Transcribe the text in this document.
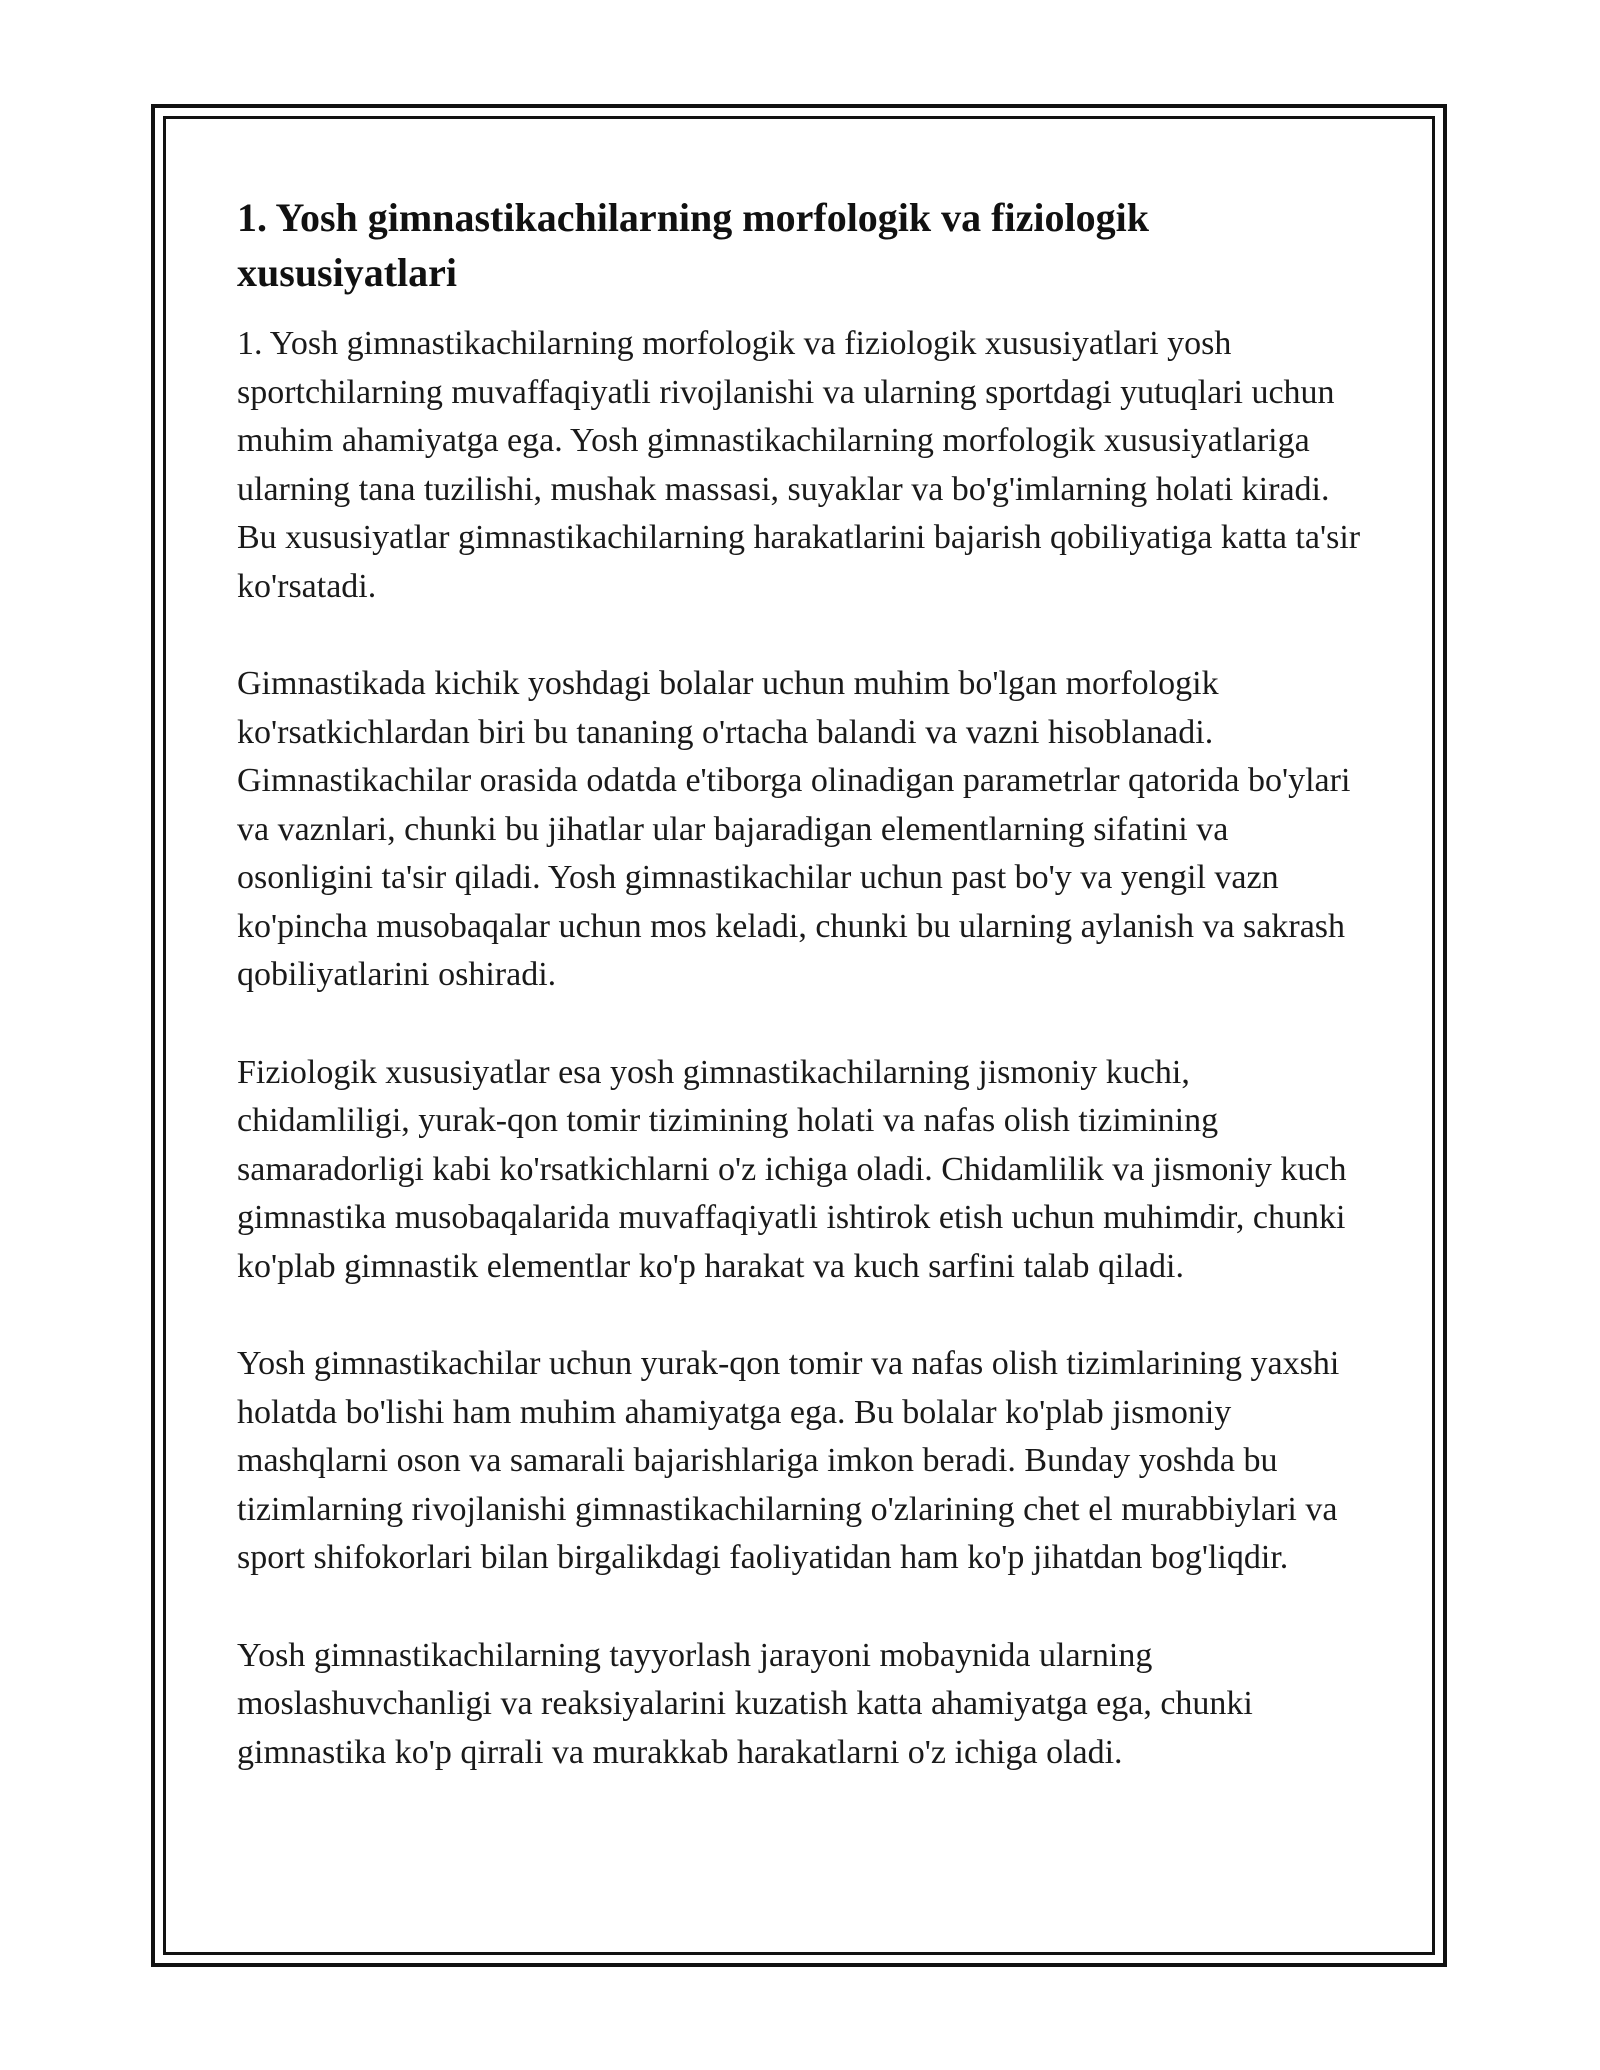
1. Yosh gimnastikachilarning morfologik va fiziologik xususiyatlari

1. Yosh gimnastikachilarning morfologik va fiziologik xususiyatlari yosh sportchilarning muvaffaqiyatli rivojlanishi va ularning sportdagi yutuqlari uchun muhim ahamiyatga ega. Yosh gimnastikachilarning morfologik xususiyatlariga ularning tana tuzilishi, mushak massasi, suyaklar va bo'g'imlarning holati kiradi. Bu xususiyatlar gimnastikachilarning harakatlarini bajarish qobiliyatiga katta ta'sir ko'rsatadi.

Gimnastikada kichik yoshdagi bolalar uchun muhim bo'lgan morfologik ko'rsatkichlardan biri bu tananing o'rtacha balandi va vazni hisoblanadi. Gimnastikachilar orasida odatda e'tiborga olinadigan parametrlar qatorida bo'ylari va vaznlari, chunki bu jihatlar ular bajaradigan elementlarning sifatini va osonligini ta'sir qiladi. Yosh gimnastikachilar uchun past bo'y va yengil vazn ko'pincha musobaqalar uchun mos keladi, chunki bu ularning aylanish va sakrash qobiliyatlarini oshiradi.

Fiziologik xususiyatlar esa yosh gimnastikachilarning jismoniy kuchi, chidamliligi, yurak-qon tomir tizimining holati va nafas olish tizimining samaradorligi kabi ko'rsatkichlarni o'z ichiga oladi. Chidamlilik va jismoniy kuch gimnastika musobaqalarida muvaffaqiyatli ishtirok etish uchun muhimdir, chunki ko'plab gimnastik elementlar ko'p harakat va kuch sarfini talab qiladi.

Yosh gimnastikachilar uchun yurak-qon tomir va nafas olish tizimlarining yaxshi holatda bo'lishi ham muhim ahamiyatga ega. Bu bolalar ko'plab jismoniy mashqlarni oson va samarali bajarishlariga imkon beradi. Bunday yoshda bu tizimlarning rivojlanishi gimnastikachilarning o'zlarining chet el murabbiylari va sport shifokorlari bilan birgalikdagi faoliyatidan ham ko'p jihatdan bog'liqdir.

Yosh gimnastikachilarning tayyorlash jarayoni mobaynida ularning moslashuvchanligi va reaksiyalarini kuzatish katta ahamiyatga ega, chunki gimnastika ko'p qirrali va murakkab harakatlarni o'z ichiga oladi.
